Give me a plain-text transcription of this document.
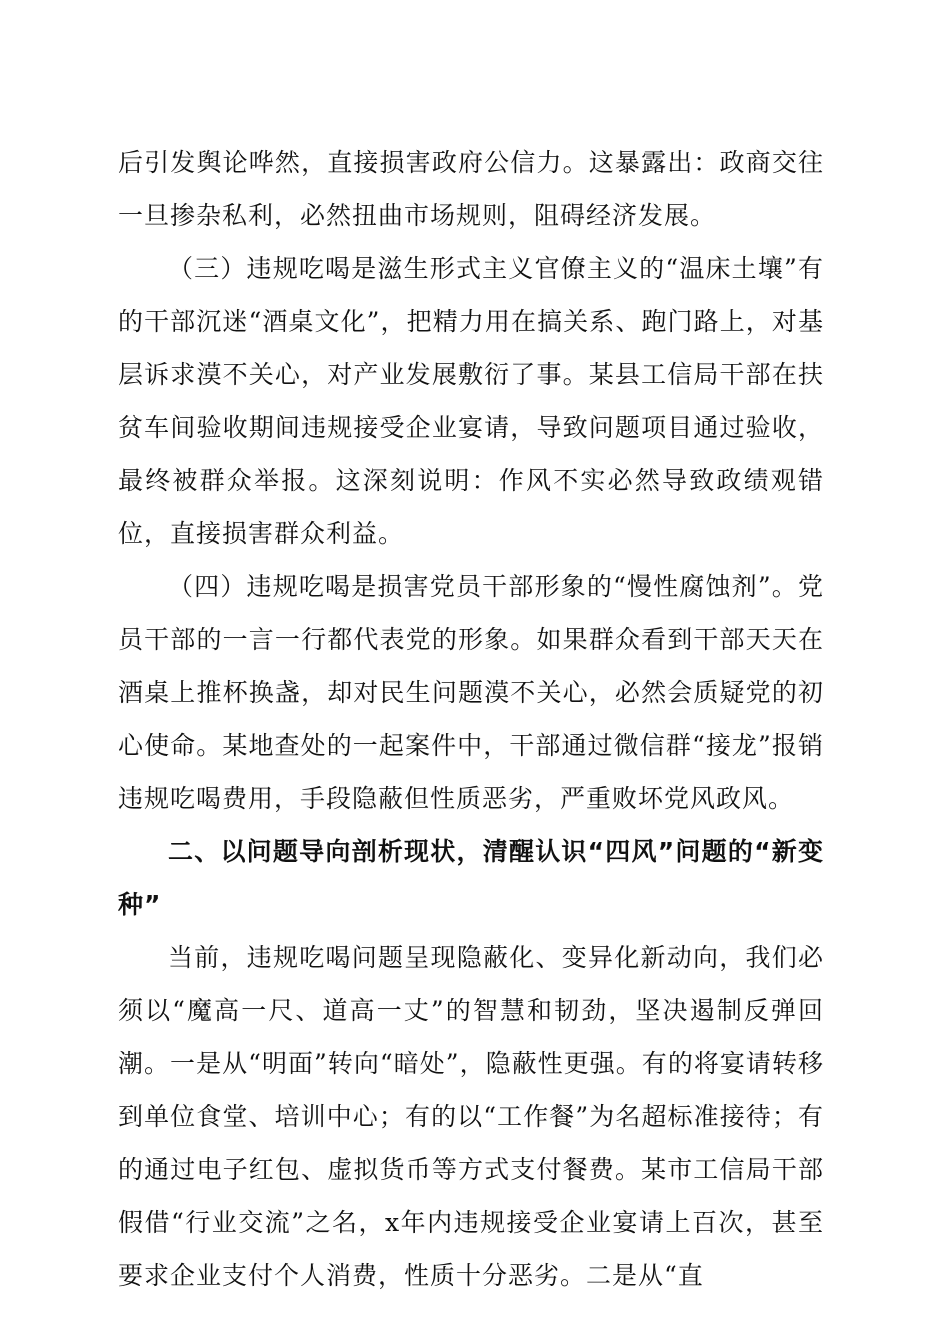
后引发舆论哗然，直接损害政府公信力。这暴露出：政商交往一旦掺杂私利，必然扭曲市场规则，阻碍经济发展。

（三）违规吃喝是滋生形式主义官僚主义的“温床土壤”有的干部沉迷“酒桌文化”，把精力用在搞关系、跑门路上，对基层诉求漠不关心，对产业发展敷衍了事。某县工信局干部在扶贫车间验收期间违规接受企业宴请，导致问题项目通过验收，最终被群众举报。这深刻说明：作风不实必然导致政绩观错位，直接损害群众利益。

（四）违规吃喝是损害党员干部形象的“慢性腐蚀剂”。党员干部的一言一行都代表党的形象。如果群众看到干部天天在酒桌上推杯换盏，却对民生问题漠不关心，必然会质疑党的初心使命。某地查处的一起案件中，干部通过微信群“接龙”报销违规吃喝费用，手段隐蔽但性质恶劣，严重败坏党风政风。

二、以问题导向剖析现状，清醒认识“四风”问题的“新变种”

当前，违规吃喝问题呈现隐蔽化、变异化新动向，我们必须以“魔高一尺、道高一丈”的智慧和韧劲，坚决遏制反弹回潮。一是从“明面”转向“暗处”，隐蔽性更强。有的将宴请转移到单位食堂、培训中心；有的以“工作餐”为名超标准接待；有的通过电子红包、虚拟货币等方式支付餐费。某市工信局干部假借“行业交流”之名，x年内违规接受企业宴请上百次，甚至要求企业支付个人消费，性质十分恶劣。二是从“直
